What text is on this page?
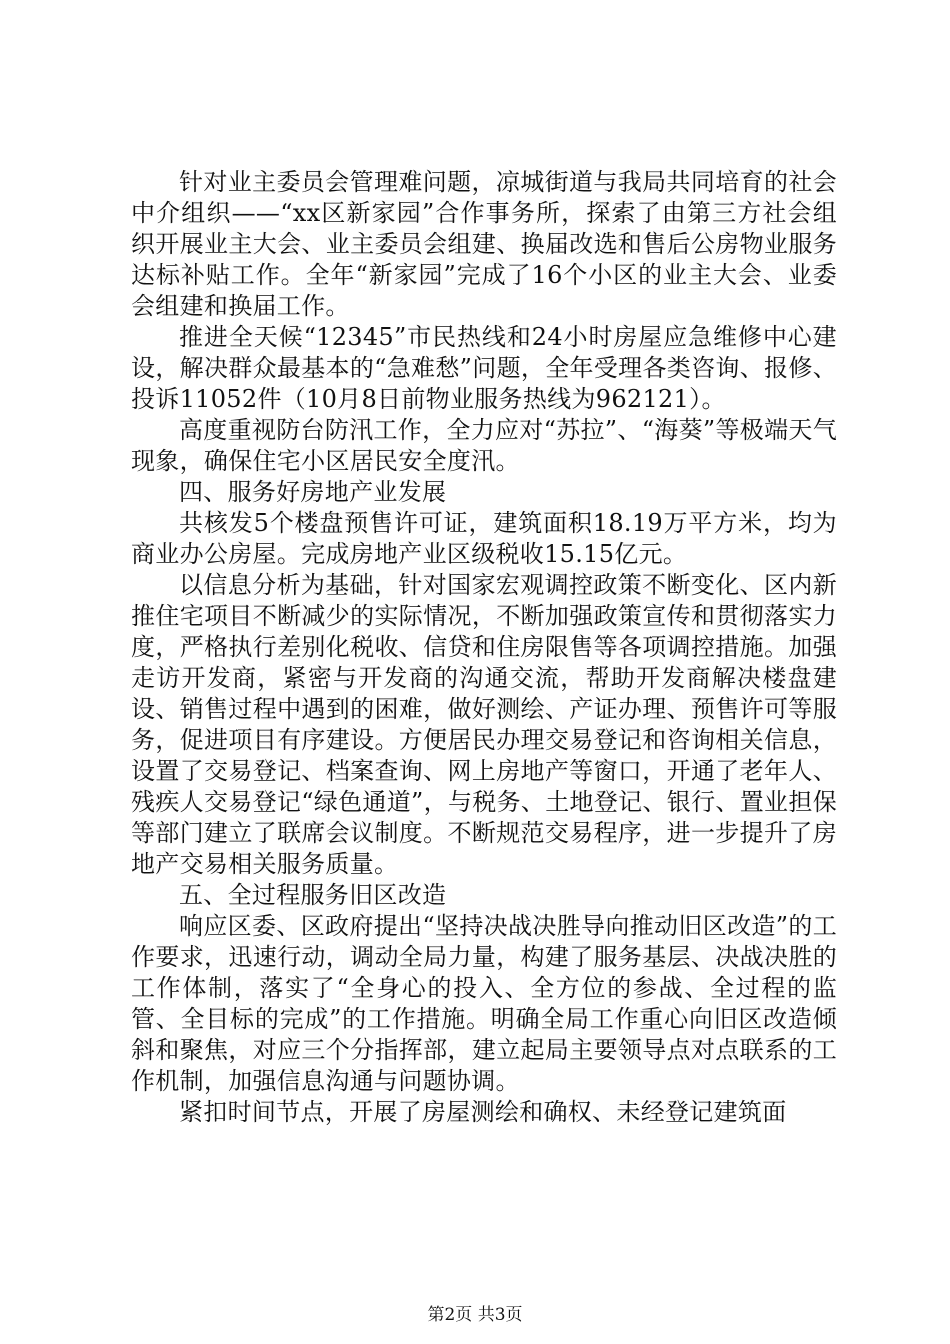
针对业主委员会管理难问题，凉城街道与我局共同培育的社会中介组织——“xx区新家园”合作事务所，探索了由第三方社会组织开展业主大会、业主委员会组建、换届改选和售后公房物业服务达标补贴工作。全年“新家园”完成了16个小区的业主大会、业委会组建和换届工作。

推进全天候“12345”市民热线和24小时房屋应急维修中心建设，解决群众最基本的“急难愁”问题，全年受理各类咨询、报修、投诉11052件（10月8日前物业服务热线为962121）。

高度重视防台防汛工作，全力应对“苏拉”、“海葵”等极端天气现象，确保住宅小区居民安全度汛。

四、服务好房地产业发展

共核发5个楼盘预售许可证，建筑面积18.19万平方米，均为商业办公房屋。完成房地产业区级税收15.15亿元。

以信息分析为基础，针对国家宏观调控政策不断变化、区内新推住宅项目不断减少的实际情况，不断加强政策宣传和贯彻落实力度，严格执行差别化税收、信贷和住房限售等各项调控措施。加强走访开发商，紧密与开发商的沟通交流，帮助开发商解决楼盘建设、销售过程中遇到的困难，做好测绘、产证办理、预售许可等服务，促进项目有序建设。方便居民办理交易登记和咨询相关信息，设置了交易登记、档案查询、网上房地产等窗口，开通了老年人、残疾人交易登记“绿色通道”，与税务、土地登记、银行、置业担保等部门建立了联席会议制度。不断规范交易程序，进一步提升了房地产交易相关服务质量。

五、全过程服务旧区改造

响应区委、区政府提出“坚持决战决胜导向推动旧区改造”的工作要求，迅速行动，调动全局力量，构建了服务基层、决战决胜的工作体制，落实了“全身心的投入、全方位的参战、全过程的监管、全目标的完成”的工作措施。明确全局工作重心向旧区改造倾斜和聚焦，对应三个分指挥部，建立起局主要领导点对点联系的工作机制，加强信息沟通与问题协调。

紧扣时间节点，开展了房屋测绘和确权、未经登记建筑面

第2页 共3页
